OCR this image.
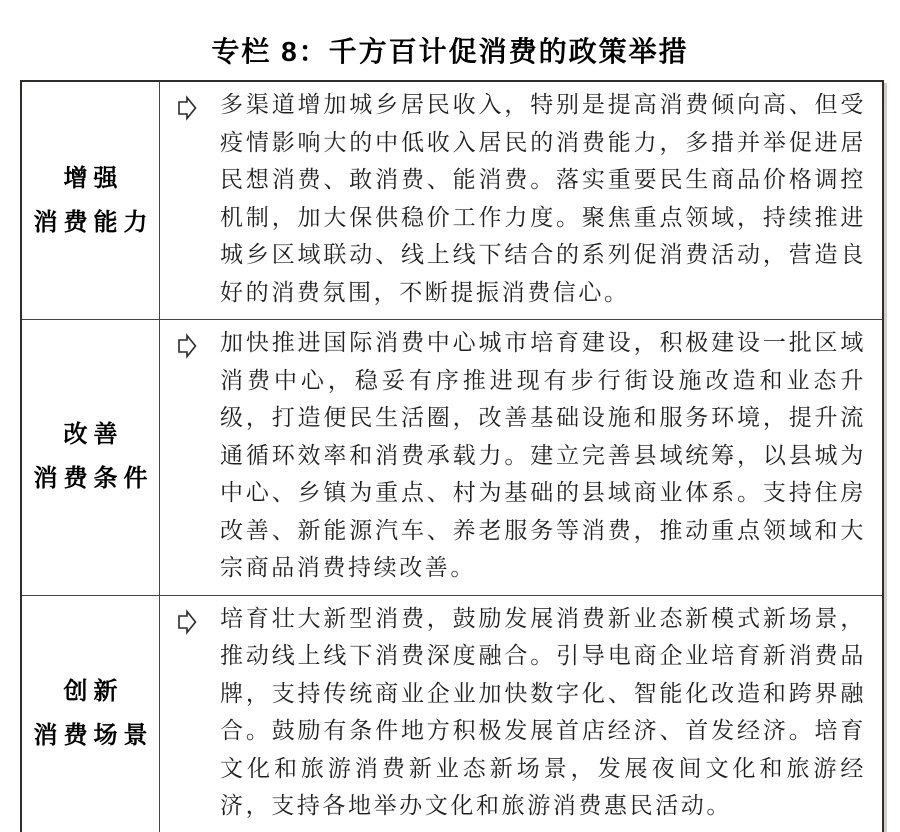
专栏 8：千方百计促消费的政策举措
增强
消费能力

多渠道增加城乡居民收入，特别是提高消费倾向高、但受疫情影响大的中低收入居民的消费能力，多措并举促进居民想消费、敢消费、能消费。落实重要民生商品价格调控机制，加大保供稳价工作力度。聚焦重点领域，持续推进城乡区域联动、线上线下结合的系列促消费活动，营造良好的消费氛围，不断提振消费信心。

改善
消费条件

加快推进国际消费中心城市培育建设，积极建设一批区域消费中心，稳妥有序推进现有步行街设施改造和业态升级，打造便民生活圈，改善基础设施和服务环境，提升流通循环效率和消费承载力。建立完善县域统筹，以县城为中心、乡镇为重点、村为基础的县域商业体系。支持住房改善、新能源汽车、养老服务等消费，推动重点领域和大宗商品消费持续改善。

创新
消费场景

培育壮大新型消费，鼓励发展消费新业态新模式新场景，推动线上线下消费深度融合。引导电商企业培育新消费品牌，支持传统商业企业加快数字化、智能化改造和跨界融合。鼓励有条件地方积极发展首店经济、首发经济。培育文化和旅游消费新业态新场景，发展夜间文化和旅游经济，支持各地举办文化和旅游消费惠民活动。
